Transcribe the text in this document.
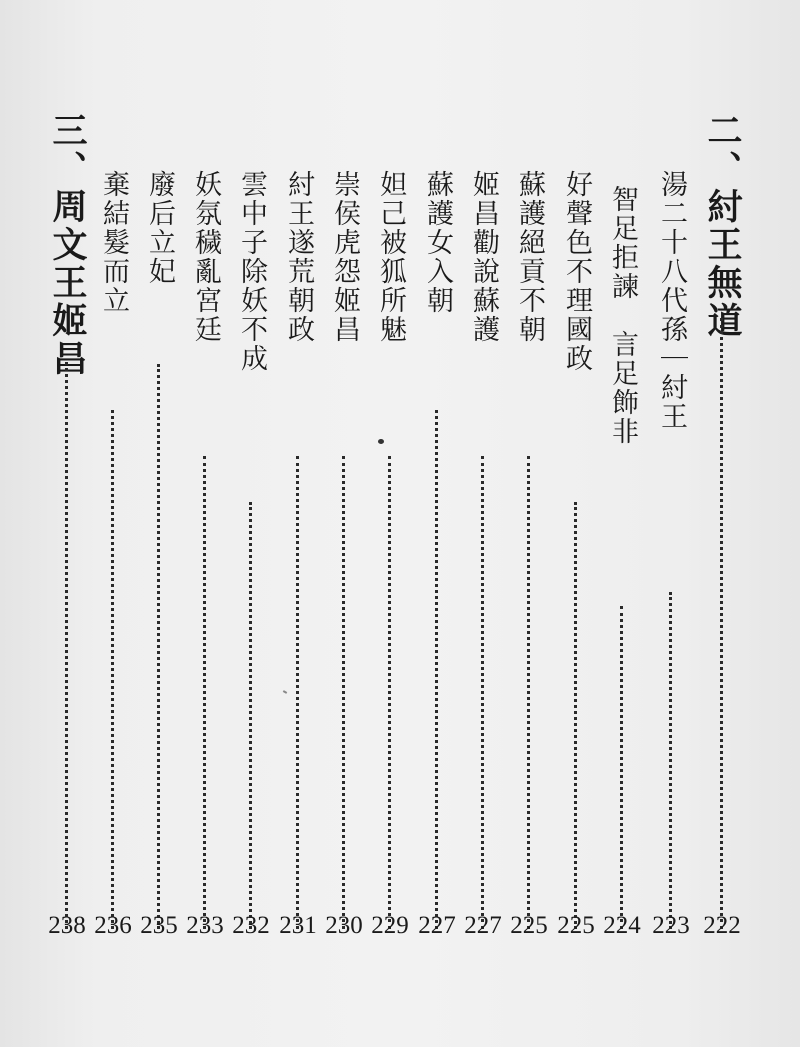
二、紂王無道
222
湯二十八代孫｜紂王
223
智足拒諫　言足飾非
224
好聲色不理國政
225
蘇護絕貢不朝
225
姬昌勸說蘇護
227
蘇護女入朝
227
妲己被狐所魅
229
崇侯虎怨姬昌
230
紂王遂荒朝政
231
雲中子除妖不成
232
妖氛穢亂宮廷
233
廢后立妃
235
棄結髮而立
236
三、周文王姬昌
238
